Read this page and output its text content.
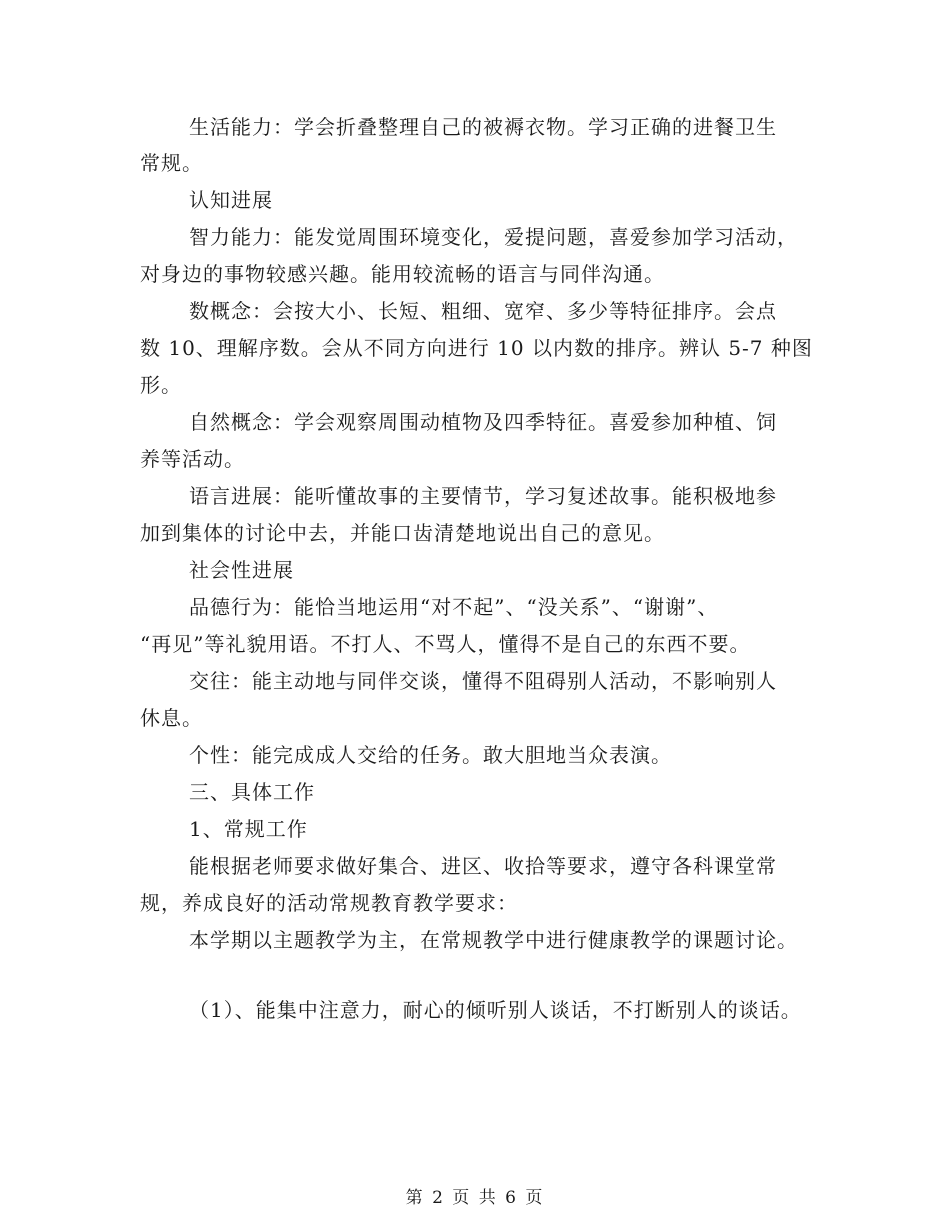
生活能力：学会折叠整理自己的被褥衣物。学习正确的进餐卫生
常规。
认知进展
智力能力：能发觉周围环境变化，爱提问题，喜爱参加学习活动，
对身边的事物较感兴趣。能用较流畅的语言与同伴沟通。
数概念：会按大小、长短、粗细、宽窄、多少等特征排序。会点
数 10、理解序数。会从不同方向进行 10 以内数的排序。辨认 5-7 种图
形。
自然概念：学会观察周围动植物及四季特征。喜爱参加种植、饲
养等活动。
语言进展：能听懂故事的主要情节，学习复述故事。能积极地参
加到集体的讨论中去，并能口齿清楚地说出自己的意见。
社会性进展
品德行为：能恰当地运用“对不起”、“没关系”、“谢谢”、
“再见”等礼貌用语。不打人、不骂人，懂得不是自己的东西不要。
交往：能主动地与同伴交谈，懂得不阻碍别人活动，不影响别人
休息。
个性：能完成成人交给的任务。敢大胆地当众表演。
三、具体工作
1、常规工作
能根据老师要求做好集合、进区、收拾等要求，遵守各科课堂常
规，养成良好的活动常规教育教学要求：
本学期以主题教学为主，在常规教学中进行健康教学的课题讨论。
（1）、能集中注意力，耐心的倾听别人谈话，不打断别人的谈话。
第 2 页 共 6 页
